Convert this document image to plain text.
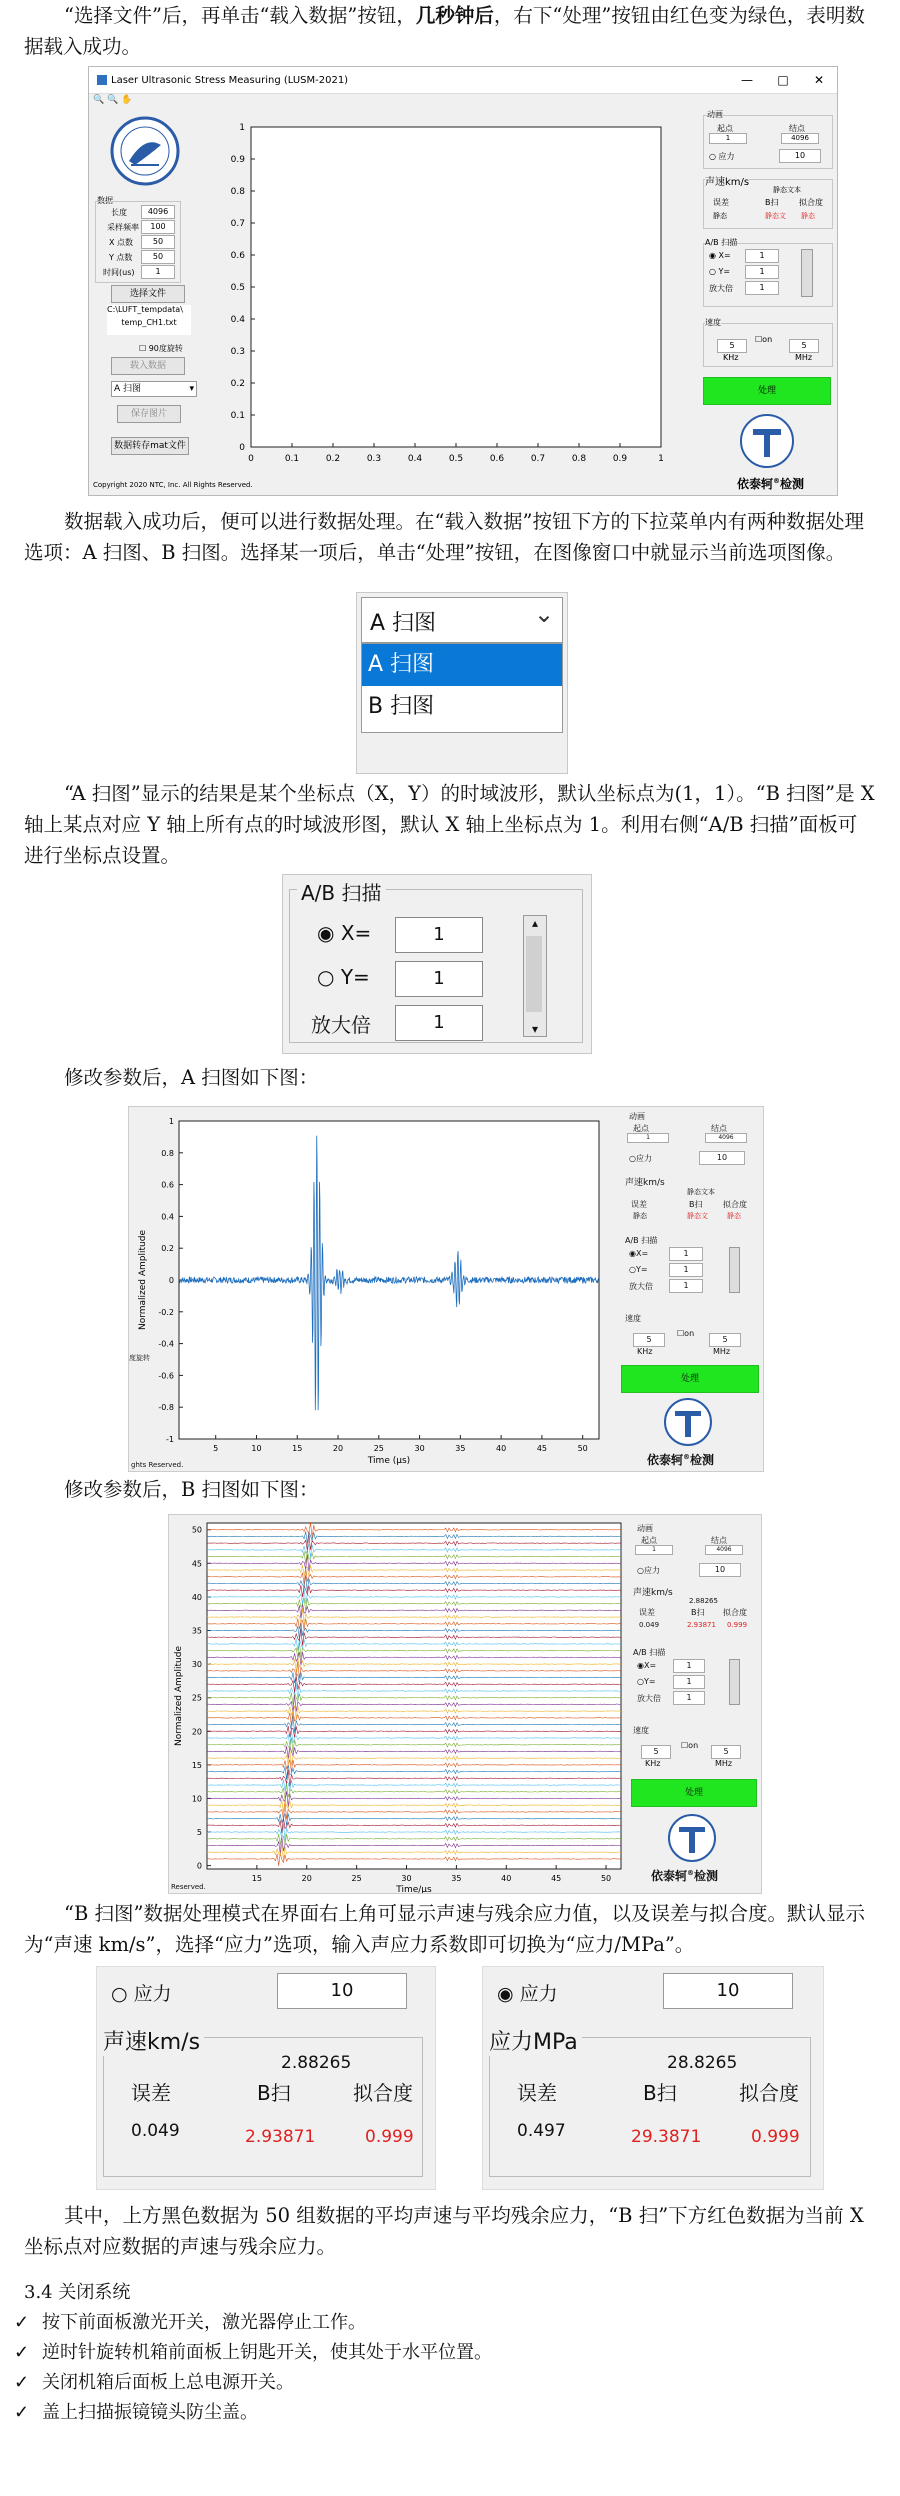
“选择文件”后，再单击“载入数据”按钮，几秒钟后，右下“处理”按钮由红色变为绿色，表明数据载入成功。
Laser Ultrasonic Stress Measuring (LUSM-2021)	—	□	✕
🔍 🔍 ✋
数据
长度	4096
采样频率	100
X 点数	50
Y 点数	50
时间(us)	1
选择文件
C:\LUFT_tempdata\
temp_CH1.txt
☐ 90度旋转
载入数据
A 扫图	▾
保存图片
数据转存mat文件
Copyright 2020 NTC, Inc. All Rights Reserved.
0	0.1	0.2	0.3	0.4	0.5	0.6	0.7	0.8	0.9	1
0
0.1
0.2
0.3
0.4
0.5
0.6
0.7
0.8
0.9
1
动画
起点	结点
1	4096
○ 应力	10
声速km/s
静态文本
误差	B扫	拟合度
静态	静态文 静态
A/B 扫描
◉ X=	1
○ Y=	1
放大倍	1
速度
5
☐on
5
KHz	MHz
处理
依泰轲®检测
数据载入成功后，便可以进行数据处理。在“载入数据”按钮下方的下拉菜单内有两种数据处理选项：A 扫图、B 扫图。选择某一项后，单击“处理”按钮，在图像窗口中就显示当前选项图像。
A 扫图	⌄
A 扫图
B 扫图
“A 扫图”显示的结果是某个坐标点（X，Y）的时域波形，默认坐标点为(1，1）。“B 扫图”是 X 轴上某点对应 Y 轴上所有点的时域波形图，默认 X 轴上坐标点为 1。利用右侧“A/B 扫描”面板可进行坐标点设置。
A/B 扫描
◉ X=	1
○ Y=	1
放大倍	1
▴
▾
修改参数后，A 扫图如下图：
5	10	15	20	25	30	35	40	45	50
-1
-0.8
-0.6
-0.4
-0.2
0
0.2
0.4
0.6
0.8
1
Time (μs)
Normalized Amplitude
ghts Reserved.
度旋转
动画
起点	结点
1	4096
○应力	10
声速km/s
静态文本
误差	B扫	拟合度
静态	静态文	静态
A/B 扫描
◉X=	1
○Y=	1
放大倍	1
速度
5
☐on
5
KHz	MHz
处理
依泰轲®检测
修改参数后，B 扫图如下图：
15	20	25	30	35	40	45	50
0
5
10
15
20
25
30
35
40
45
50
Time/μs
Normalized Amplitude
Reserved.
动画
起点	结点
1	4096
○应力	10
声速km/s
2.88265
误差	B扫 拟合度
0.049	2.93871 0.999
A/B 扫描
◉X=	1
○Y=	1
放大倍	1
速度
5
☐on
5
KHz	MHz
处理
依泰轲®检测
“B 扫图”数据处理模式在界面右上角可显示声速与残余应力值，以及误差与拟合度。默认显示为“声速 km/s”，选择“应力”选项，输入声应力系数即可切换为“应力/MPa”。
○ 应力	10
声速km/s
2.88265
误差	B扫	拟合度
0.049	2.93871	0.999
◉ 应力	10
应力MPa
28.8265
误差	B扫	拟合度
0.497	29.3871	0.999
其中，上方黑色数据为 50 组数据的平均声速与平均残余应力，“B 扫”下方红色数据为当前 X 坐标点对应数据的声速与残余应力。
3.4 关闭系统
✓ 按下前面板激光开关，激光器停止工作。
✓ 逆时针旋转机箱前面板上钥匙开关，使其处于水平位置。
✓ 关闭机箱后面板上总电源开关。
✓ 盖上扫描振镜镜头防尘盖。
